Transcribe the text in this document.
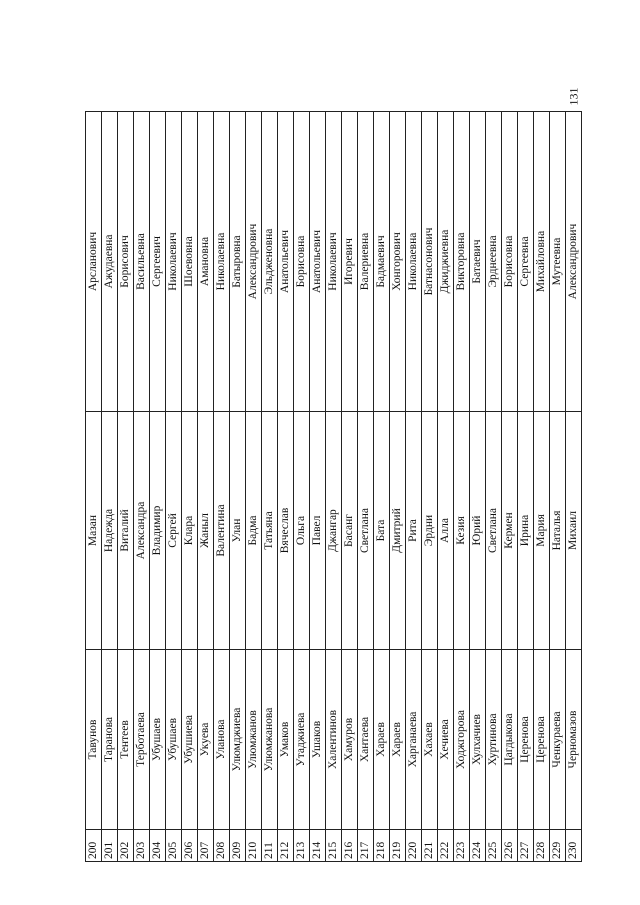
131
200	Тавунов	Мазан	Арсланович
201	Таранова	Надежда	Ажудаевна
202	Тентеев	Виталий	Борисович
203	Терботаева	Александра	Васильевна
204	Убушаев	Владимир	Сергеевич
205	Убушаев	Сергей	Николаевич
206	Убушиева	Клара	Шоевовна
207	Укуева	Жаныл	Амановна
208	Уланова	Валентина	Николаевна
209	Улюмджиева	Улан	Батыровна
210	Улюмжанов	Бадма	Александрович
211	Улюмжанова	Татьяна	Эльдженовна
212	Умаков	Вячеслав	Анатольевич
213	Утаджиева	Ольга	Борисовна
214	Ушаков	Павел	Анатольевич
215	Халентинов	Джангар	Николаевич
216	Хамуров	Басанг	Игоревич
217	Хантаева	Светлана	Валериевна
218	Хараев	Бата	Бадмаевич
219	Хараев	Дмитрий	Хонгорович
220	Харганаева	Рита	Николаевна
221	Хахаев	Эрдни	Батнасонович
222	Хечиева	Алла	Джиджиевна
223	Ходжгорова	Кезия	Викторовна
224	Хулхачиев	Юрий	Батаевич
225	Хуртинова	Светлана	Эрднеевна
226	Цагдыкова	Кермен	Борисовна
227	Церенова	Ирина	Сергеевна
228	Церенова	Мария	Михайловна
229	Ченкураева	Наталья	Мутеевна
230	Черномазов	Михаил	Александрович
